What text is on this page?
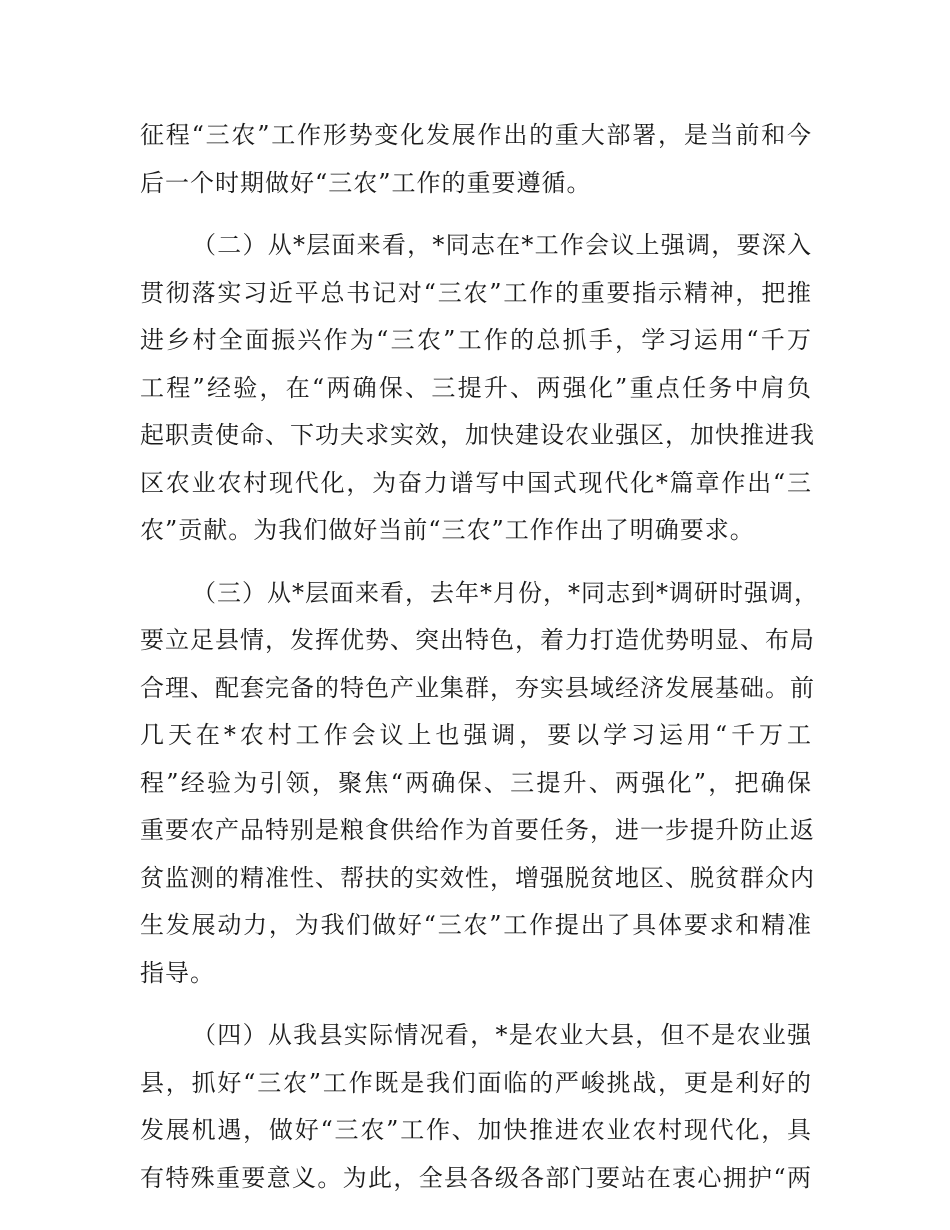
征程“三农”工作形势变化发展作出的重大部署，是当前和今
后一个时期做好“三农”工作的重要遵循。
（二）从*层面来看，*同志在*工作会议上强调，要深入
贯彻落实习近平总书记对“三农”工作的重要指示精神，把推
进乡村全面振兴作为“三农”工作的总抓手，学习运用“千万
工程”经验，在“两确保、三提升、两强化”重点任务中肩负
起职责使命、下功夫求实效，加快建设农业强区，加快推进我
区农业农村现代化，为奋力谱写中国式现代化*篇章作出“三
农”贡献。为我们做好当前“三农”工作作出了明确要求。
（三）从*层面来看，去年*月份，*同志到*调研时强调，
要立足县情，发挥优势、突出特色，着力打造优势明显、布局
合理、配套完备的特色产业集群，夯实县域经济发展基础。前
几天在*农村工作会议上也强调，要以学习运用“千万工
程”经验为引领，聚焦“两确保、三提升、两强化”，把确保
重要农产品特别是粮食供给作为首要任务，进一步提升防止返
贫监测的精准性、帮扶的实效性，增强脱贫地区、脱贫群众内
生发展动力，为我们做好“三农”工作提出了具体要求和精准
指导。
（四）从我县实际情况看，*是农业大县，但不是农业强
县，抓好“三农”工作既是我们面临的严峻挑战，更是利好的
发展机遇，做好“三农”工作、加快推进农业农村现代化，具
有特殊重要意义。为此，全县各级各部门要站在衷心拥护“两
